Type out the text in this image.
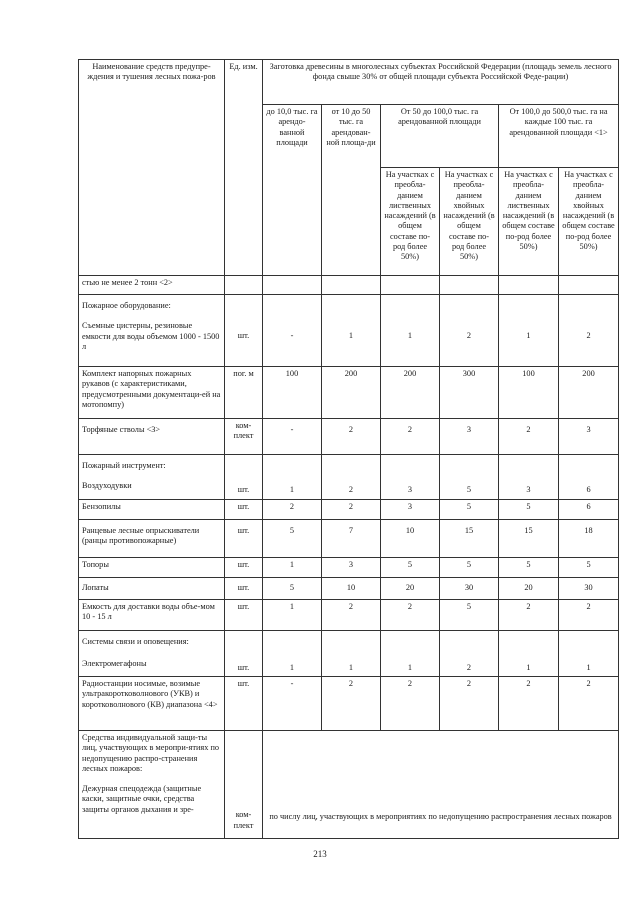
Наименование средств предупре-ждения и тушения лесных пожа-ров	Ед. изм.	Заготовка древесины в многолесных субъектах Российской Федерации (площадь земель лесного фонда свыше 30% от общей площади субъекта Российской Феде-рации)					
		до 10,0 тыс. га арендо-ванной площади	от 10 до 50 тыс. га арендован-ной площа-ди	От 50 до 100,0 тыс. га арендованной площади		От 100,0 до 500,0 тыс. га на каждые 100 тыс. га арендованной площади <1>	
				На участках с преобла-данием лиственных насаждений (в общем составе по-род более 50%)	На участках с преобла-данием хвойных насаждений (в общем составе по-род более 50%)	На участках с преобла-данием лиственных насаждений (в общем составе по-род более 50%)	На участках с преобла-данием хвойных насаждений (в общем составе по-род более 50%)
стью не менее 2 тонн <2>							

Пожарное оборудование:
Съемные цистерны, резиновые емкости для воды объемом 1000 - 1500 л	шт.	-	1	1	2	1	2
Комплект напорных пожарных рукавов (с характеристиками, предусмотренными документаци-ей на мотопомпу)	пог. м	100	200	200	300	100	200
Торфяные стволы <3>	ком-плект	-	2	2	3	2	3

Пожарный инструмент:
Воздуходувки	шт.	1	2	3	5	3	6
Бензопилы	шт.	2	2	3	5	5	6
Ранцевые лесные опрыскиватели (ранцы противопожарные)	шт.	5	7	10	15	15	18
Топоры	шт.	1	3	5	5	5	5
Лопаты	шт.	5	10	20	30	20	30
Емкость для доставки воды объе-мом 10 - 15 л	шт.	1	2	2	5	2	2

Системы связи и оповещения:
Электромегафоны	шт.	1	1	1	2	1	1
Радиостанции носимые, возимые ультракоротковолнового (УКВ) и коротковолнового (КВ) диапазона <4>	шт.	-	2	2	2	2	2

Средства индивидуальной защи-ты лиц, участвующих в меропри-ятиях по недопущению распро-странения лесных пожаров:
Дежурная спецодежда (защитные каски, защитные очки, средства защиты органов дыхания и зре-	ком-плект	по числу лиц, участвующих в мероприятиях по недопущению распространения лесных пожаров					
213
